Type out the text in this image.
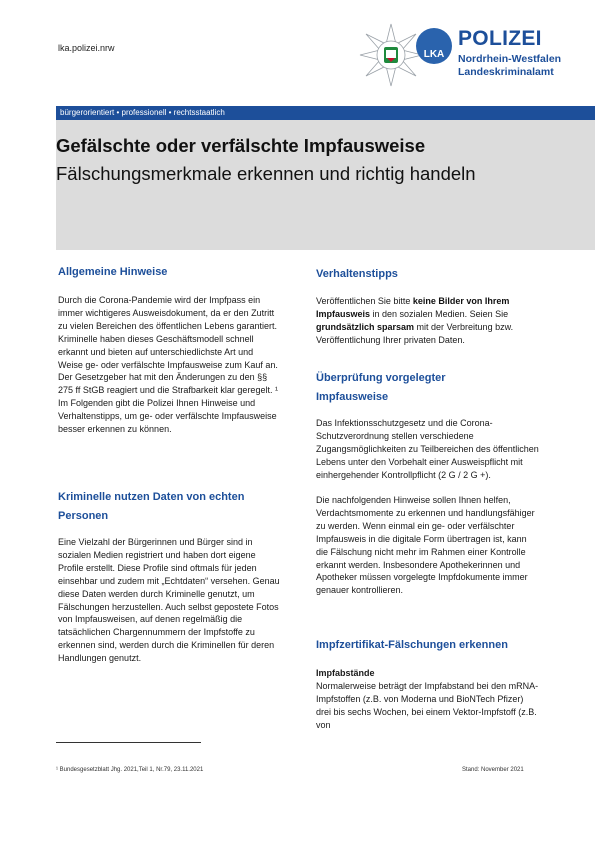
lka.polizei.nrw
LKA
POLIZEI
Nordrhein-Westfalen
Landeskriminalamt
bürgerorientiert • professionell • rechtsstaatlich
Gefälschte oder verfälschte Impfausweise
Fälschungsmerkmale erkennen und richtig handeln
Allgemeine Hinweise
Durch die Corona-Pandemie wird der Impfpass ein immer wichtigeres Ausweisdokument, da er den Zutritt zu vielen Bereichen des öffentlichen Lebens garantiert. Kriminelle haben dieses Geschäftsmodell schnell erkannt und bieten auf unterschiedlichste Art und Weise ge- oder verfälschte Impfausweise zum Kauf an. Der Gesetzgeber hat mit den Änderungen zu den §§ 275 ff StGB reagiert und die Strafbarkeit klar geregelt. ¹ Im Folgenden gibt die Polizei Ihnen Hinweise und Verhaltenstipps, um ge- oder verfälschte Impfausweise besser erkennen zu können.
Kriminelle nutzen Daten von echten Personen
Eine Vielzahl der Bürgerinnen und Bürger sind in sozialen Medien registriert und haben dort eigene Profile erstellt. Diese Profile sind oftmals für jeden einsehbar und zudem mit „Echtdaten“ versehen. Genau diese Daten werden durch Kriminelle genutzt, um Fälschungen herzustellen. Auch selbst gepostete Fotos von Impfausweisen, auf denen regelmäßig die tatsächlichen Chargennummern der Impfstoffe zu erkennen sind, werden durch die Kriminellen für deren Handlungen genutzt.
Verhaltenstipps
Veröffentlichen Sie bitte keine Bilder von Ihrem Impfausweis in den sozialen Medien. Seien Sie grundsätzlich sparsam mit der Verbreitung bzw. Veröffentlichung Ihrer privaten Daten.
Überprüfung vorgelegter Impfausweise
Das Infektionsschutzgesetz und die Corona-Schutzverordnung stellen verschiedene Zugangsmöglichkeiten zu Teilbereichen des öffentlichen Lebens unter den Vorbehalt einer Ausweispflicht mit einhergehender Kontrollpflicht (2 G / 2 G +).
Die nachfolgenden Hinweise sollen Ihnen helfen, Verdachtsmomente zu erkennen und handlungsfähiger zu werden. Wenn einmal ein ge- oder verfälschter Impfausweis in die digitale Form übertragen ist, kann die Fälschung nicht mehr im Rahmen einer Kontrolle erkannt werden. Insbesondere Apothekerinnen und Apotheker müssen vorgelegte Impfdokumente immer genauer kontrollieren.
Impfzertifikat-Fälschungen erkennen
Impfabstände
Normalerweise beträgt der Impfabstand bei den mRNA-Impfstoffen (z.B. von Moderna und BioNTech Pfizer) drei bis sechs Wochen, bei einem Vektor-Impfstoff (z.B. von
¹ Bundesgesetzblatt Jhg. 2021,Teil 1, Nr.79, 23.11.2021	Stand: November 2021
